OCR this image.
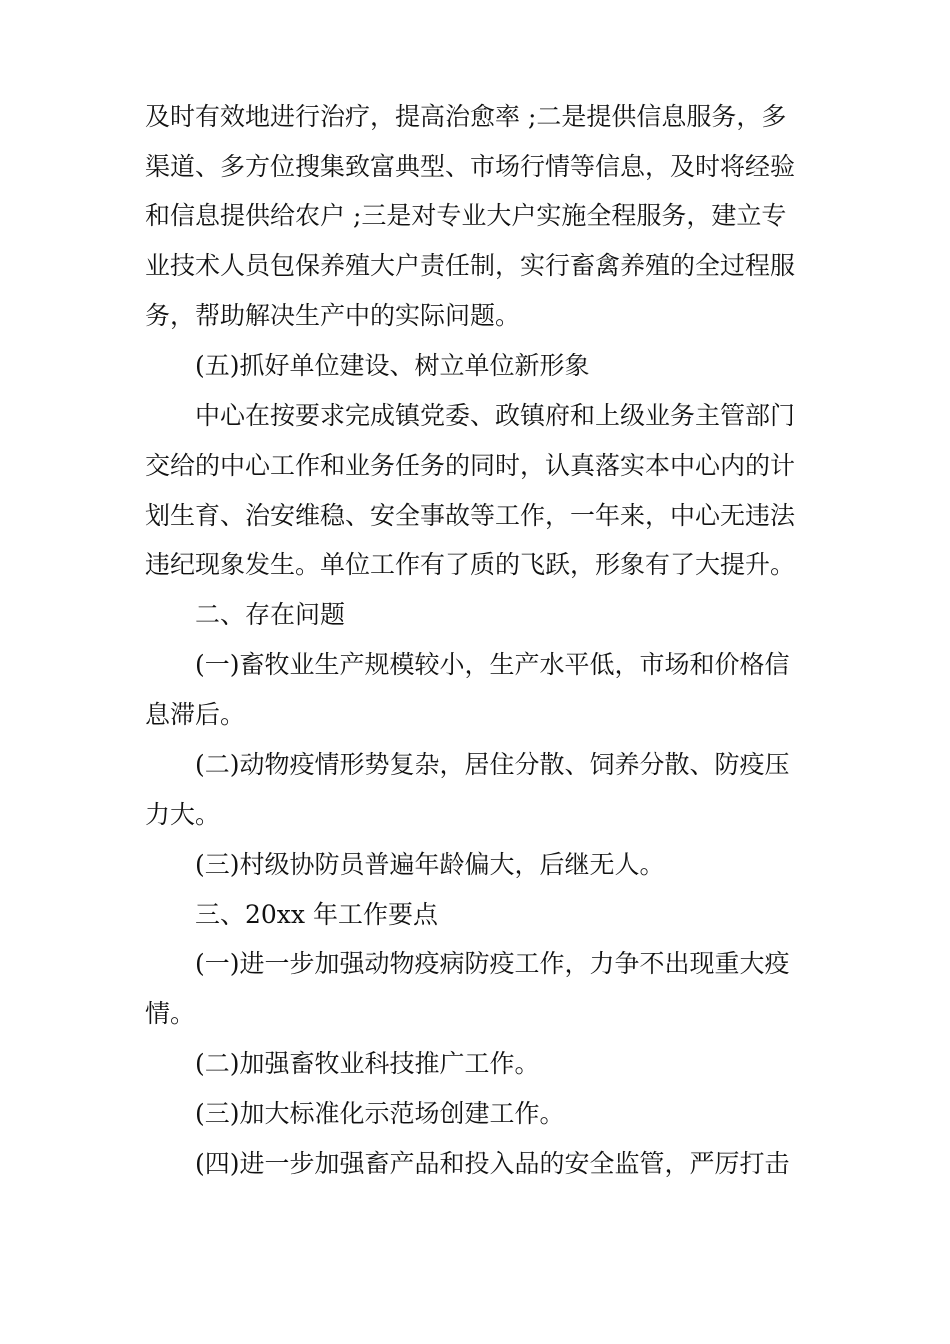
及时有效地进行治疗，提高治愈率 ;二是提供信息服务，多
渠道、多方位搜集致富典型、市场行情等信息，及时将经验
和信息提供给农户 ;三是对专业大户实施全程服务，建立专
业技术人员包保养殖大户责任制，实行畜禽养殖的全过程服
务，帮助解决生产中的实际问题。
(五)抓好单位建设、树立单位新形象
中心在按要求完成镇党委、政镇府和上级业务主管部门
交给的中心工作和业务任务的同时，认真落实本中心内的计
划生育、治安维稳、安全事故等工作，一年来，中心无违法
违纪现象发生。单位工作有了质的飞跃，形象有了大提升。
二、存在问题
(一)畜牧业生产规模较小，生产水平低，市场和价格信
息滞后。
(二)动物疫情形势复杂，居住分散、饲养分散、防疫压
力大。
(三)村级协防员普遍年龄偏大，后继无人。
三、20xx 年工作要点
(一)进一步加强动物疫病防疫工作，力争不出现重大疫
情。
(二)加强畜牧业科技推广工作。
(三)加大标准化示范场创建工作。
(四)进一步加强畜产品和投入品的安全监管，严厉打击
